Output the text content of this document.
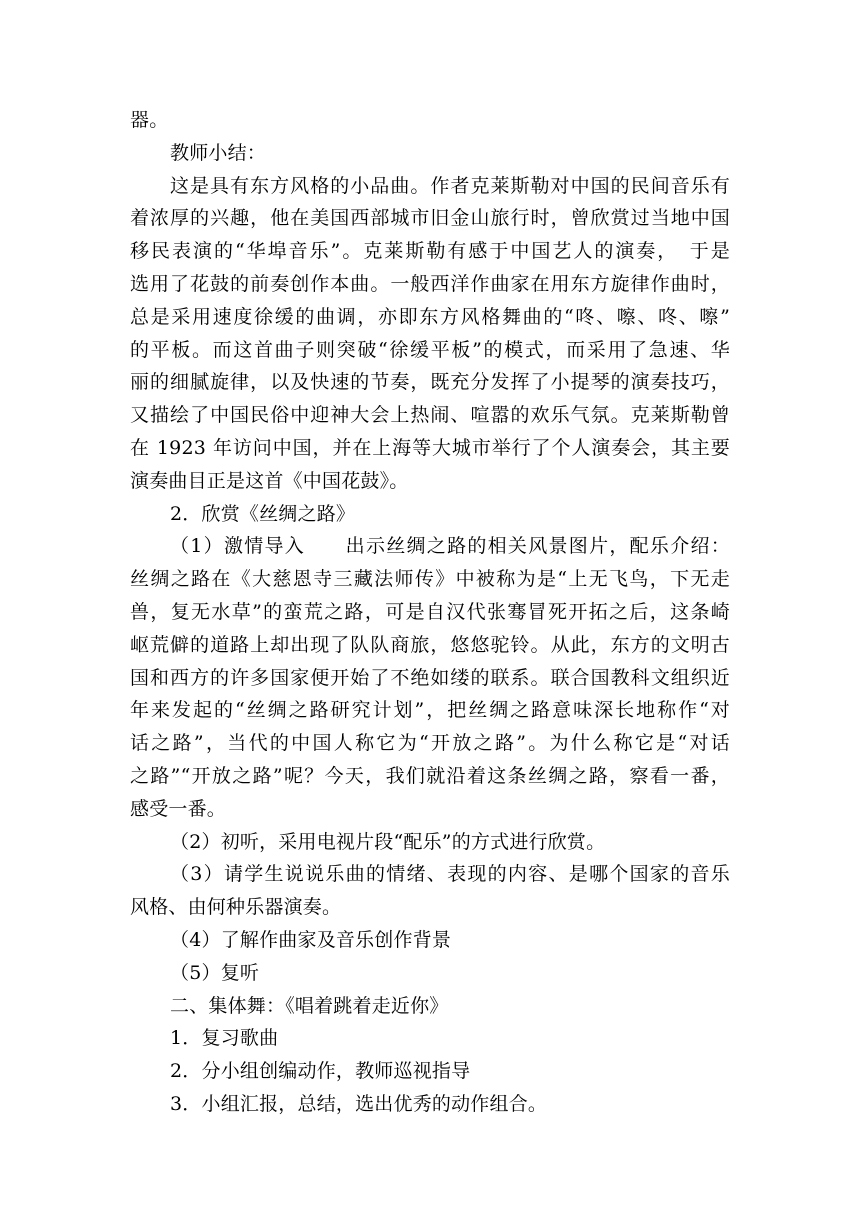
器。
教师小结：
这是具有东方风格的小品曲。作者克莱斯勒对中国的民间音乐有
着浓厚的兴趣，他在美国西部城市旧金山旅行时，曾欣赏过当地中国
移民表演的“华埠音乐”。克莱斯勒有感于中国艺人的演奏，　于是
选用了花鼓的前奏创作本曲。一般西洋作曲家在用东方旋律作曲时，
总是采用速度徐缓的曲调，亦即东方风格舞曲的“咚、嚓、咚、嚓”
的平板。而这首曲子则突破“徐缓平板”的模式，而采用了急速、华
丽的细腻旋律，以及快速的节奏，既充分发挥了小提琴的演奏技巧，
又描绘了中国民俗中迎神大会上热闹、喧嚣的欢乐气氛。克莱斯勒曾
在 1923 年访问中国，并在上海等大城市举行了个人演奏会，其主要
演奏曲目正是这首《中国花鼓》。
2．欣赏《丝绸之路》
（1）激情导入　　出示丝绸之路的相关风景图片，配乐介绍：
丝绸之路在《大慈恩寺三藏法师传》中被称为是“上无飞鸟，下无走
兽，复无水草”的蛮荒之路，可是自汉代张骞冒死开拓之后，这条崎
岖荒僻的道路上却出现了队队商旅，悠悠驼铃。从此，东方的文明古
国和西方的许多国家便开始了不绝如缕的联系。联合国教科文组织近
年来发起的“丝绸之路研究计划”，把丝绸之路意味深长地称作“对
话之路”，当代的中国人称它为“开放之路”。为什么称它是“对话
之路”“开放之路”呢？今天，我们就沿着这条丝绸之路，察看一番，
感受一番。
（2）初听，采用电视片段“配乐”的方式进行欣赏。
（3）请学生说说乐曲的情绪、表现的内容、是哪个国家的音乐
风格、由何种乐器演奏。
（4）了解作曲家及音乐创作背景
（5）复听
二、集体舞：《唱着跳着走近你》
1．复习歌曲
2．分小组创编动作，教师巡视指导
3．小组汇报，总结，选出优秀的动作组合。
